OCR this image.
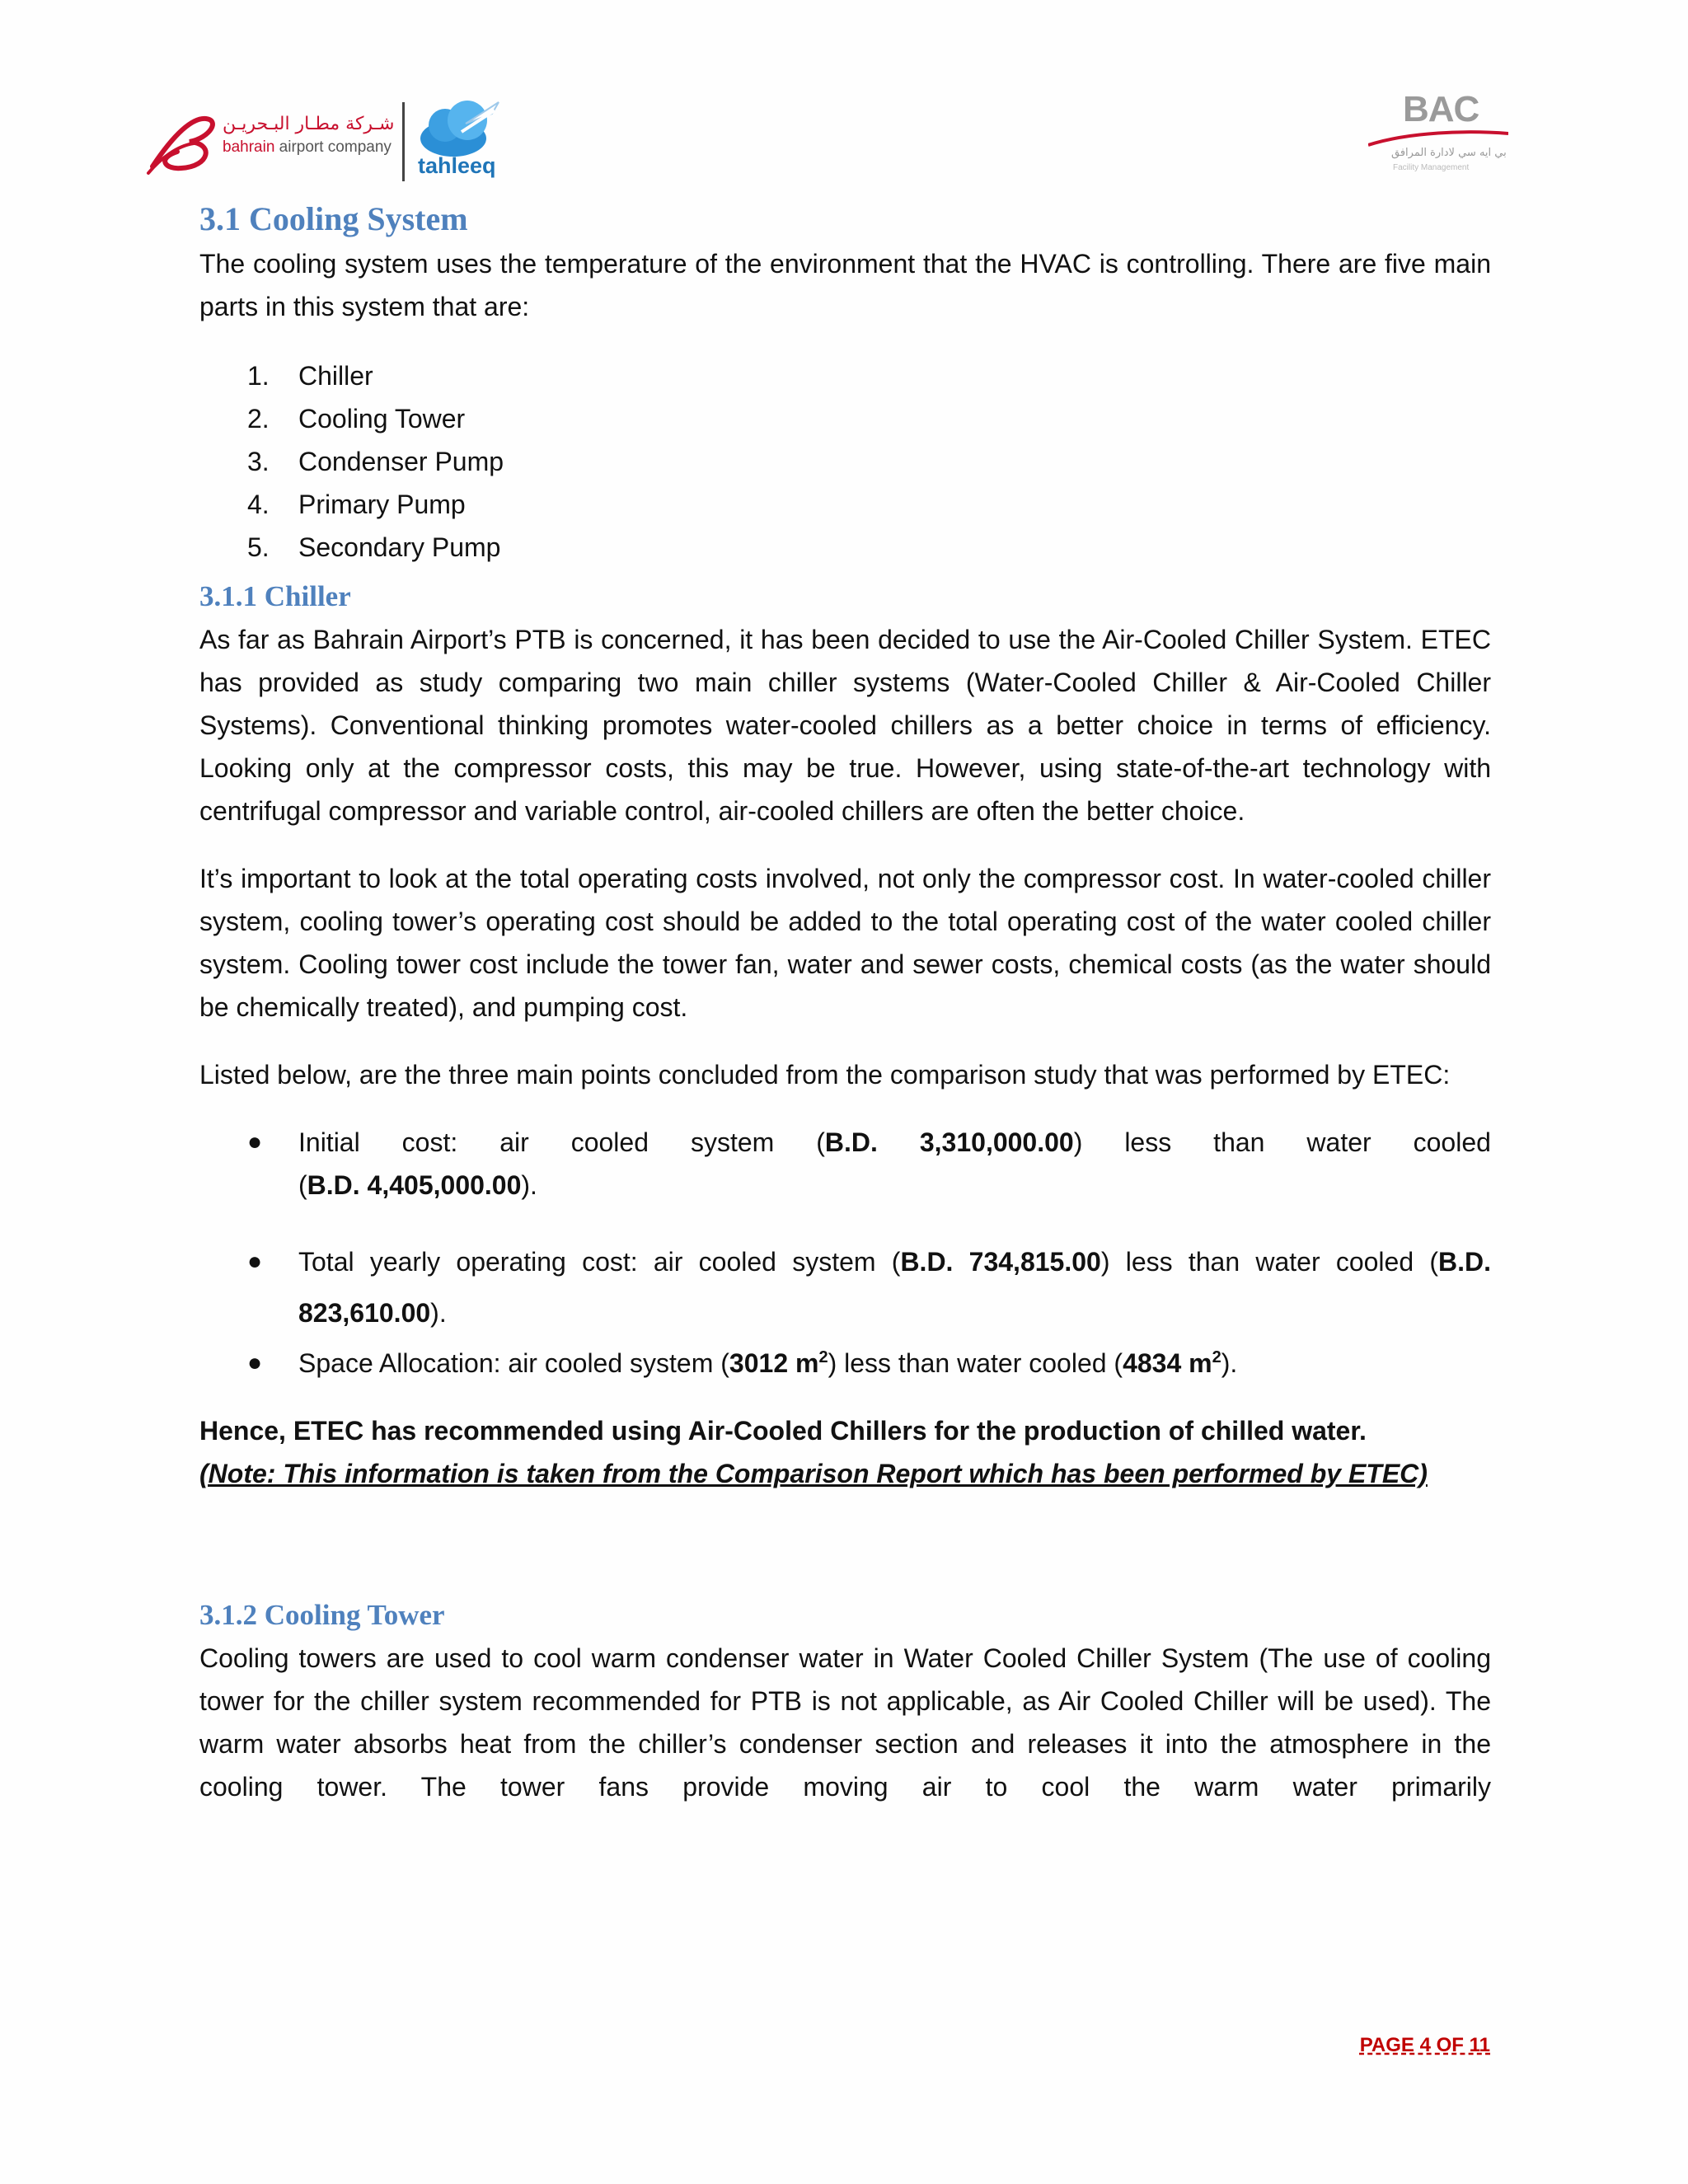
شـركة مطـار البـحريـن
bahrain airport company
tahleeq
BAC
بي ايه سي لادارة المرافق
Facility Management
3.1 Cooling System

The cooling system uses the temperature of the environment that the HVAC is controlling. There are five main parts in this system that are:

1. Chiller
2. Cooling Tower
3. Condenser Pump
4. Primary Pump
5. Secondary Pump
3.1.1 Chiller

As far as Bahrain Airport’s PTB is concerned, it has been decided to use the Air-Cooled Chiller System. ETEC has provided as study comparing two main chiller systems (Water-Cooled Chiller & Air-Cooled Chiller Systems). Conventional thinking promotes water-cooled chillers as a better choice in terms of efficiency. Looking only at the compressor costs, this may be true. However, using state-of-the-art technology with centrifugal compressor and variable control, air-cooled chillers are often the better choice.

It’s important to look at the total operating costs involved, not only the compressor cost. In water-cooled chiller system, cooling tower’s operating cost should be added to the total operating cost of the water cooled chiller system. Cooling tower cost include the tower fan, water and sewer costs, chemical costs (as the water should be chemically treated), and pumping cost.

Listed below, are the three main points concluded from the comparison study that was performed by ETEC:

● Initial cost: air cooled system (B.D. 3,310,000.00) less than water cooled
(B.D. 4,405,000.00).
● Total yearly operating cost: air cooled system (B.D. 734,815.00) less than water cooled (B.D. 823,610.00).
● Space Allocation: air cooled system (3012 $m^2$) less than water cooled (4834 $m^2$).

Hence, ETEC has recommended using Air-Cooled Chillers for the production of chilled water.

(Note: This information is taken from the Comparison Report which has been performed by ETEC)

3.1.2 Cooling Tower

Cooling towers are used to cool warm condenser water in Water Cooled Chiller System (The use of cooling tower for the chiller system recommended for PTB is not applicable, as Air Cooled Chiller will be used). The warm water absorbs heat from the chiller’s condenser section and releases it into the atmosphere in the cooling tower. The tower fans provide moving air to cool the warm water primarily

PAGE 4 OF 11
